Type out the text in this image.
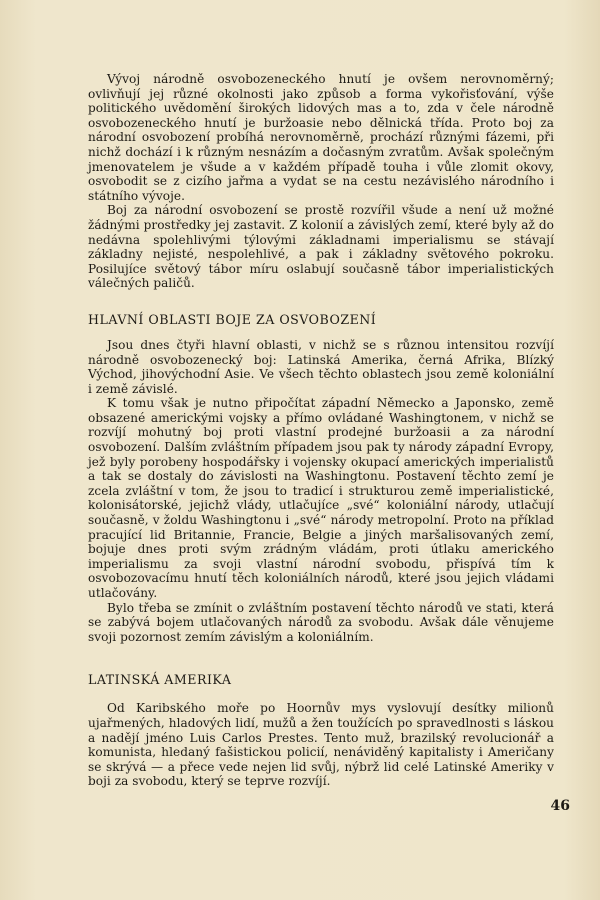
Vývoj národně osvobozeneckého hnutí je ovšem nerovnoměrný; ovlivňují jej různé okolnosti jako způsob a forma vykořisťování, výše politického uvědomění širokých lidových mas a to, zda v čele národně osvobozeneckého hnutí je buržoasie nebo dělnická třída. Proto boj za národní osvobození probíhá nerovnoměrně, prochází různými fázemi, při nichž dochází i k různým nesnázím a dočasným zvratům. Avšak společným jmenovatelem je všude a v každém případě touha i vůle zlomit okovy, osvobodit se z cizího jařma a vydat se na cestu nezávislého národního i státního vývoje.

Boj za národní osvobození se prostě rozvířil všude a není už možné žádnými prostředky jej zastavit. Z kolonií a závislých zemí, které byly až do nedávna spolehlivými týlovými základnami imperialismu se stávají základny nejisté, nespolehlivé, a pak i základny světového pokroku. Posilujíce světový tábor míru oslabují současně tábor imperialistických válečných paličů.

HLAVNÍ OBLASTI BOJE ZA OSVOBOZENÍ

Jsou dnes čtyři hlavní oblasti, v nichž se s různou intensitou rozvíjí národně osvobozenecký boj: Latinská Amerika, černá Afrika, Blízký Východ, jihovýchodní Asie. Ve všech těchto oblastech jsou země koloniální i země závislé.

K tomu však je nutno připočítat západní Německo a Japonsko, země obsazené americkými vojsky a přímo ovládané Washingtonem, v nichž se rozvíjí mohutný boj proti vlastní prodejné buržoasii a za národní osvobození. Dalším zvláštním případem jsou pak ty národy západní Evropy, jež byly porobeny hospodářsky i vojensky okupací amerických imperialistů a tak se dostaly do závislosti na Washingtonu. Postavení těchto zemí je zcela zvláštní v tom, že jsou to tradicí i strukturou země imperialistické, kolonisátorské, jejichž vlády, utlačujíce „své“ koloniální národy, utlačují současně, v žoldu Washingtonu i „své“ národy metropolní. Proto na příklad pracující lid Britannie, Francie, Belgie a jiných maršalisovaných zemí, bojuje dnes proti svým zrádným vládám, proti útlaku amerického imperialismu za svoji vlastní národní svobodu, přispívá tím k osvobozovacímu hnutí těch koloniálních národů, které jsou jejich vládami utlačovány.

Bylo třeba se zmínit o zvláštním postavení těchto národů ve stati, která se zabývá bojem utlačovaných národů za svobodu. Avšak dále věnujeme svoji pozornost zemím závislým a koloniálním.

LATINSKÁ AMERIKA

Od Karibského moře po Hoornův mys vyslovují desítky milionů ujařmených, hladových lidí, mužů a žen toužících po spravedlnosti s láskou a nadějí jméno Luis Carlos Prestes. Tento muž, brazilský revolucionář a komunista, hledaný fašistickou policií, nenáviděný kapitalisty i Američany se skrývá — a přece vede nejen lid svůj, nýbrž lid celé Latinské Ameriky v boji za svobodu, který se teprve rozvíjí.

46
